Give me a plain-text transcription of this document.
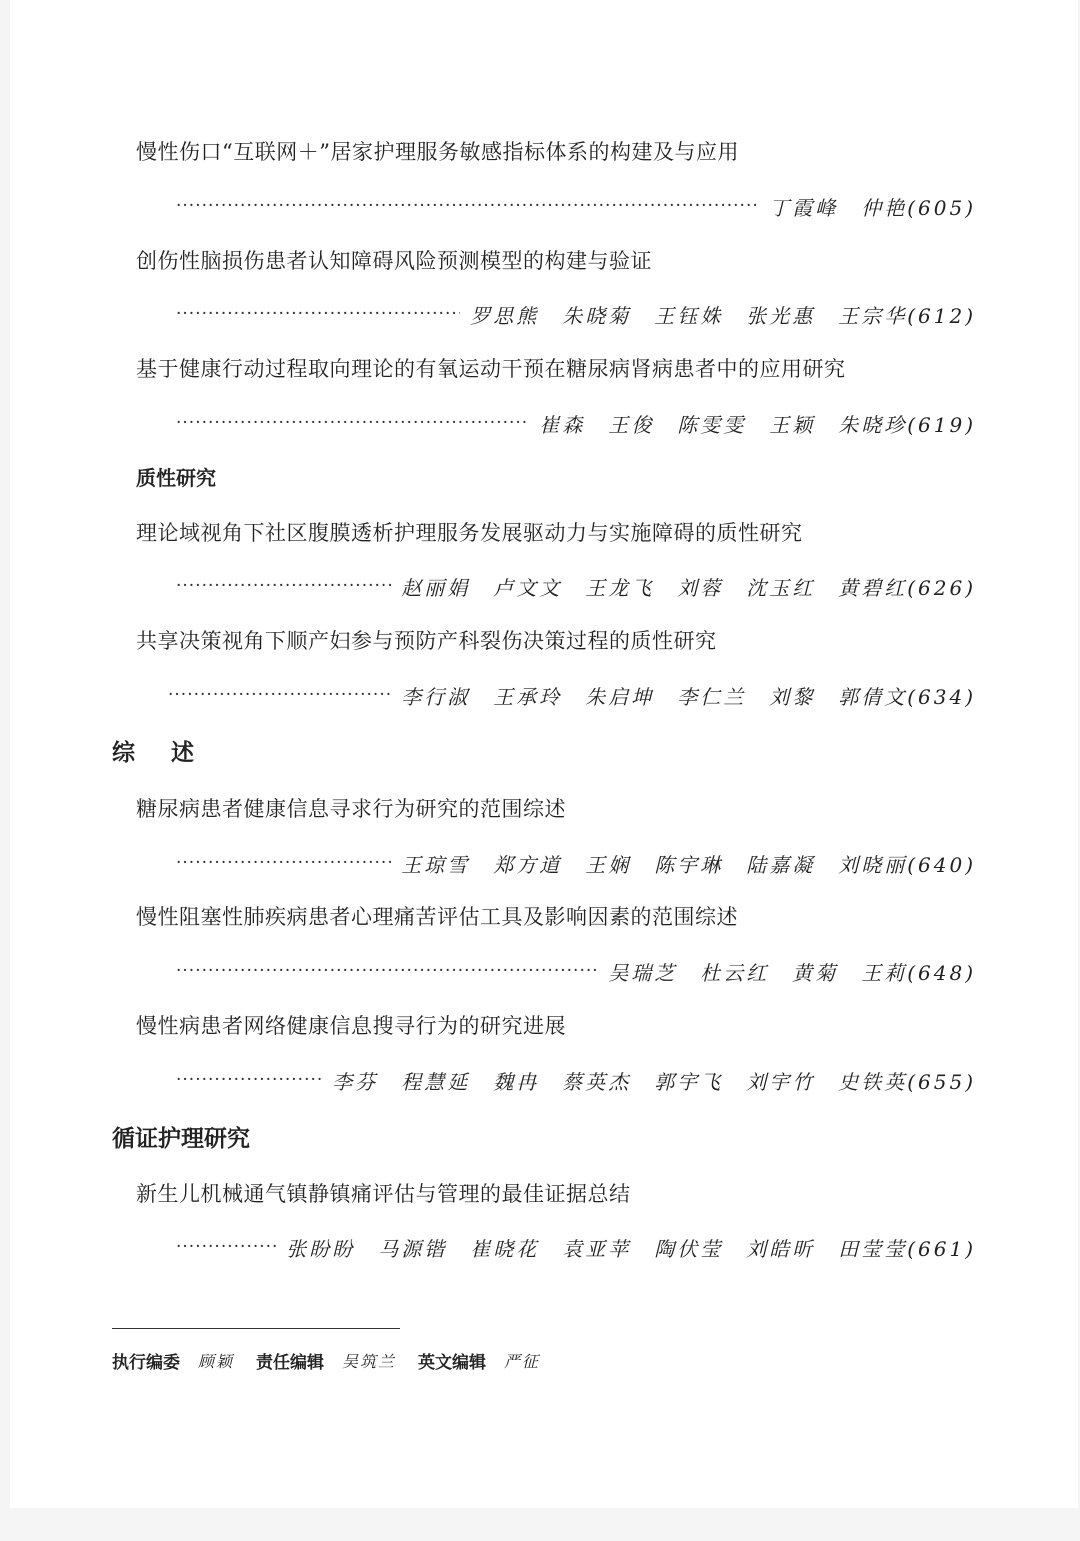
慢性伤口“互联网＋”居家护理服务敏感指标体系的构建及与应用
·····
丁霞峰　仲艳(605)
创伤性脑损伤患者认知障碍风险预测模型的构建与验证
·····
罗思熊　朱晓菊　王钰姝　张光惠　王宗华(612)
基于健康行动过程取向理论的有氧运动干预在糖尿病肾病患者中的应用研究
·····
崔森　王俊　陈雯雯　王颖　朱晓珍(619)
质性研究
理论域视角下社区腹膜透析护理服务发展驱动力与实施障碍的质性研究
·····
赵丽娟　卢文文　王龙飞　刘蓉　沈玉红　黄碧红(626)
共享决策视角下顺产妇参与预防产科裂伤决策过程的质性研究
·····
李行淑　王承玲　朱启坤　李仁兰　刘黎　郭倩文(634)
综述
糖尿病患者健康信息寻求行为研究的范围综述
·····
王琼雪　郑方道　王娴　陈宇琳　陆嘉凝　刘晓丽(640)
慢性阻塞性肺疾病患者心理痛苦评估工具及影响因素的范围综述
·····
吴瑞芝　杜云红　黄菊　王莉(648)
慢性病患者网络健康信息搜寻行为的研究进展
·····
李芬　程慧延　魏冉　蔡英杰　郭宇飞　刘宇竹　史铁英(655)
循证护理研究
新生儿机械通气镇静镇痛评估与管理的最佳证据总结
·····
张盼盼　马源锴　崔晓花　袁亚苹　陶伏莹　刘皓昕　田莹莹(661)
执行编委 顾颖 责任编辑 吴筑兰 英文编辑 严征
